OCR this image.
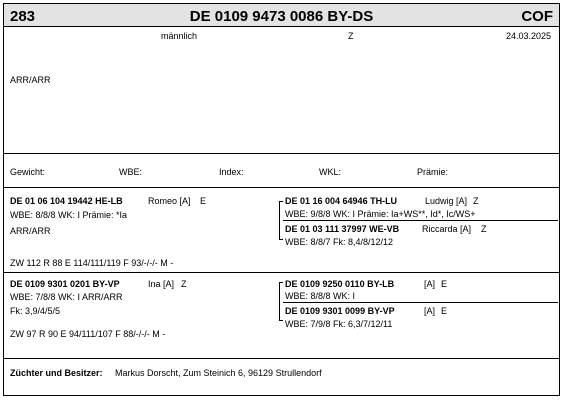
283	DE 0109 9473 0086 BY-DS	COF
männlich	Z	24.03.2025
ARR/ARR
Gewicht:	WBE:	Index:	WKL:	Prämie:
DE 01 06 104 19442 HE-LB	Romeo [A] E
WBE: 8/8/8 WK: I Prämie: *Ia
ARR/ARR
ZW 112 R 88 E 114/111/119 F 93/-/-/- M -
DE 01 16 004 64946 TH-LU	Ludwig [A] Z
WBE: 9/8/8 WK: I Prämie: Ia+WS**, Id*, Ic/WS+
DE 01 03 111 37997 WE-VB	Riccarda [A] Z
WBE: 8/8/7 Fk: 8,4/8/12/12
DE 0109 9301 0201 BY-VP	Ina [A] Z
WBE: 7/8/8 WK: I ARR/ARR
Fk: 3,9/4/5/5
ZW 97 R 90 E 94/111/107 F 88/-/-/- M -
DE 0109 9250 0110 BY-LB	[A] E
WBE: 8/8/8 WK: I
DE 0109 9301 0099 BY-VP	[A] E
WBE: 7/9/8 Fk: 6,3/7/12/11
Züchter und Besitzer: Markus Dorscht, Zum Steinich 6, 96129 Strullendorf
